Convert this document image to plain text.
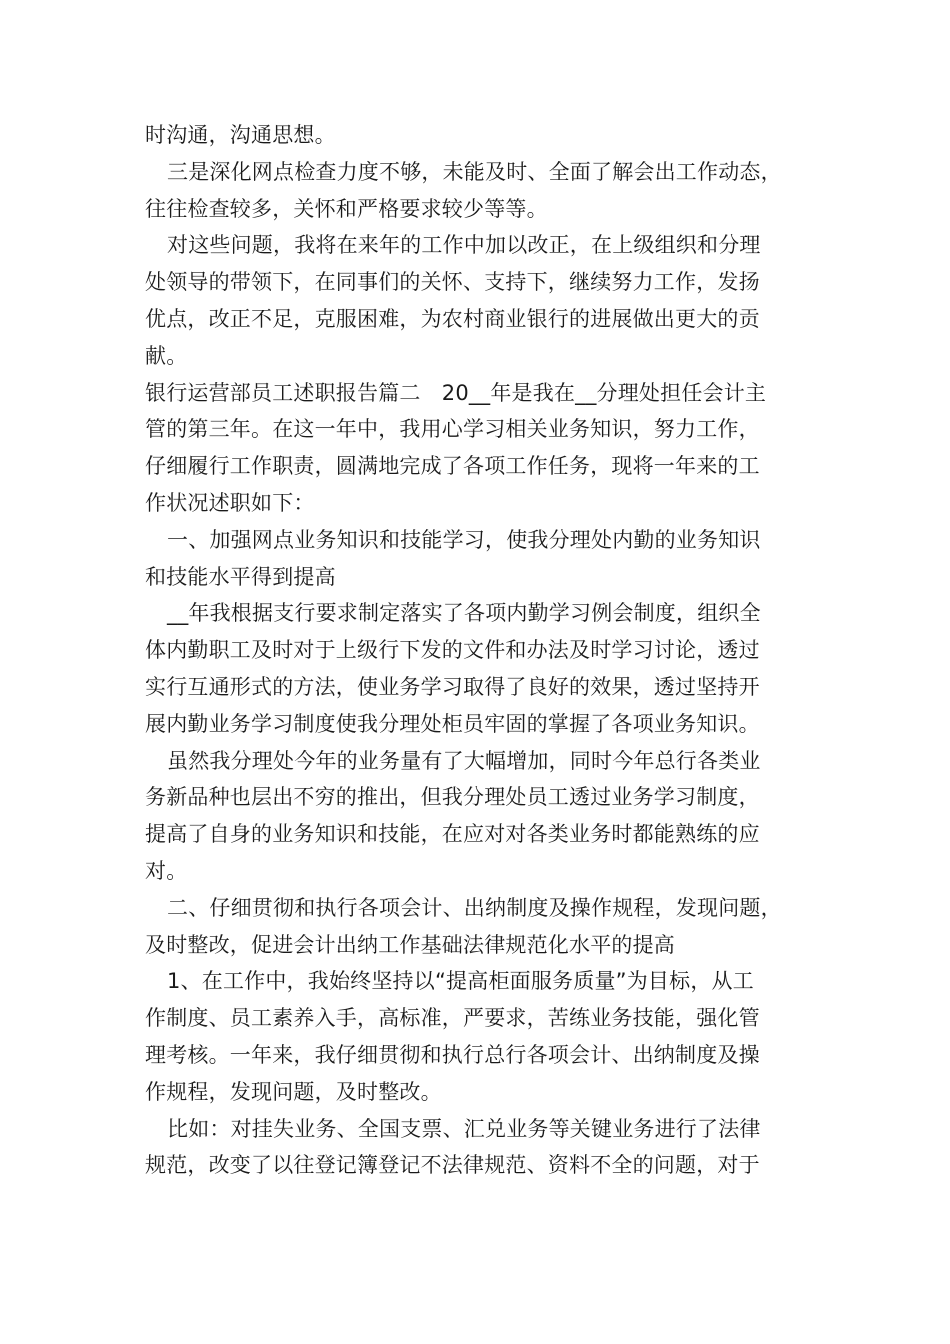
时沟通，沟通思想。
三是深化网点检查力度不够，未能及时、全面了解会出工作动态，
往往检查较多，关怀和严格要求较少等等。
对这些问题，我将在来年的工作中加以改正，在上级组织和分理
处领导的带领下，在同事们的关怀、支持下，继续努力工作，发扬
优点，改正不足，克服困难，为农村商业银行的进展做出更大的贡
献。
银行运营部员工述职报告篇二　20__年是我在__分理处担任会计主
管的第三年。在这一年中，我用心学习相关业务知识，努力工作，
仔细履行工作职责，圆满地完成了各项工作任务，现将一年来的工
作状况述职如下：
一、加强网点业务知识和技能学习，使我分理处内勤的业务知识
和技能水平得到提高
__年我根据支行要求制定落实了各项内勤学习例会制度，组织全
体内勤职工及时对于上级行下发的文件和办法及时学习讨论，透过
实行互通形式的方法，使业务学习取得了良好的效果，透过坚持开
展内勤业务学习制度使我分理处柜员牢固的掌握了各项业务知识。
虽然我分理处今年的业务量有了大幅增加，同时今年总行各类业
务新品种也层出不穷的推出，但我分理处员工透过业务学习制度，
提高了自身的业务知识和技能，在应对对各类业务时都能熟练的应
对。
二、仔细贯彻和执行各项会计、出纳制度及操作规程，发现问题，
及时整改，促进会计出纳工作基础法律规范化水平的提高
1、在工作中，我始终坚持以“提高柜面服务质量”为目标，从工
作制度、员工素养入手，高标准，严要求，苦练业务技能，强化管
理考核。一年来，我仔细贯彻和执行总行各项会计、出纳制度及操
作规程，发现问题，及时整改。
比如：对挂失业务、全国支票、汇兑业务等关键业务进行了法律
规范，改变了以往登记簿登记不法律规范、资料不全的问题，对于
